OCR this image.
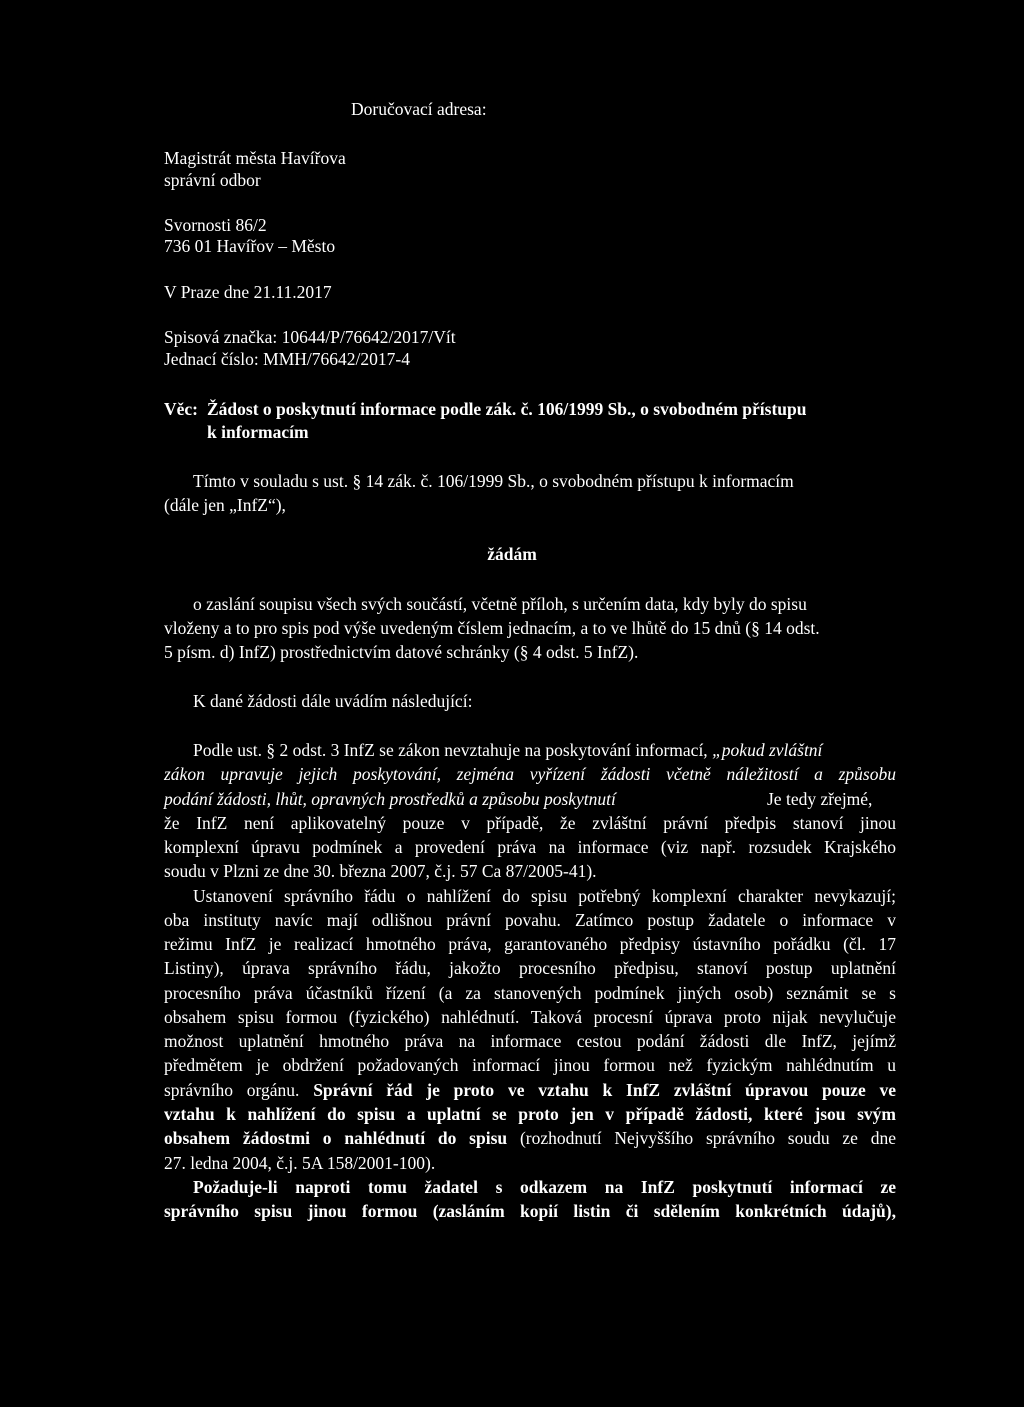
Doručovací adresa:
Magistrát města Havířova
správní odbor
Svornosti 86/2
736 01 Havířov – Město
V Praze dne 21.11.2017
Spisová značka: 10644/P/76642/2017/Vít
Jednací číslo: MMH/76642/2017-4
Věc: Žádost o poskytnutí informace podle zák. č. 106/1999 Sb., o svobodném přístupu
k informacím
Tímto v souladu s ust. § 14 zák. č. 106/1999 Sb., o svobodném přístupu k informacím
(dále jen „InfZ“),
žádám
o zaslání soupisu všech svých součástí, včetně příloh, s určením data, kdy byly do spisu
vloženy a to pro spis pod výše uvedeným číslem jednacím, a to ve lhůtě do 15 dnů (§ 14 odst.
5 písm. d) InfZ) prostřednictvím datové schránky (§ 4 odst. 5 InfZ).
K dané žádosti dále uvádím následující:
Podle ust. § 2 odst. 3 InfZ se zákon nevztahuje na poskytování informací, „pokud zvláštní
zákon upravuje jejich poskytování, zejména vyřízení žádosti včetně náležitostí a způsobu
podání žádosti, lhůt, opravných prostředků a způsobu poskytnutí	Je tedy zřejmé,
že InfZ není aplikovatelný pouze v případě, že zvláštní právní předpis stanoví jinou
komplexní úpravu podmínek a provedení práva na informace (viz např. rozsudek Krajského
soudu v Plzni ze dne 30. března 2007, č.j. 57 Ca 87/2005-41).
Ustanovení správního řádu o nahlížení do spisu potřebný komplexní charakter nevykazují;
oba instituty navíc mají odlišnou právní povahu. Zatímco postup žadatele o informace v
režimu InfZ je realizací hmotného práva, garantovaného předpisy ústavního pořádku (čl. 17
Listiny), úprava správního řádu, jakožto procesního předpisu, stanoví postup uplatnění
procesního práva účastníků řízení (a za stanovených podmínek jiných osob) seznámit se s
obsahem spisu formou (fyzického) nahlédnutí. Taková procesní úprava proto nijak nevylučuje
možnost uplatnění hmotného práva na informace cestou podání žádosti dle InfZ, jejímž
předmětem je obdržení požadovaných informací jinou formou než fyzickým nahlédnutím u
správního orgánu. Správní řád je proto ve vztahu k InfZ zvláštní úpravou pouze ve
vztahu k nahlížení do spisu a uplatní se proto jen v případě žádosti, které jsou svým
obsahem žádostmi o nahlédnutí do spisu (rozhodnutí Nejvyššího správního soudu ze dne
27. ledna 2004, č.j. 5A 158/2001-100).
Požaduje-li naproti tomu žadatel s odkazem na InfZ poskytnutí informací ze
správního spisu jinou formou (zasláním kopií listin či sdělením konkrétních údajů),
